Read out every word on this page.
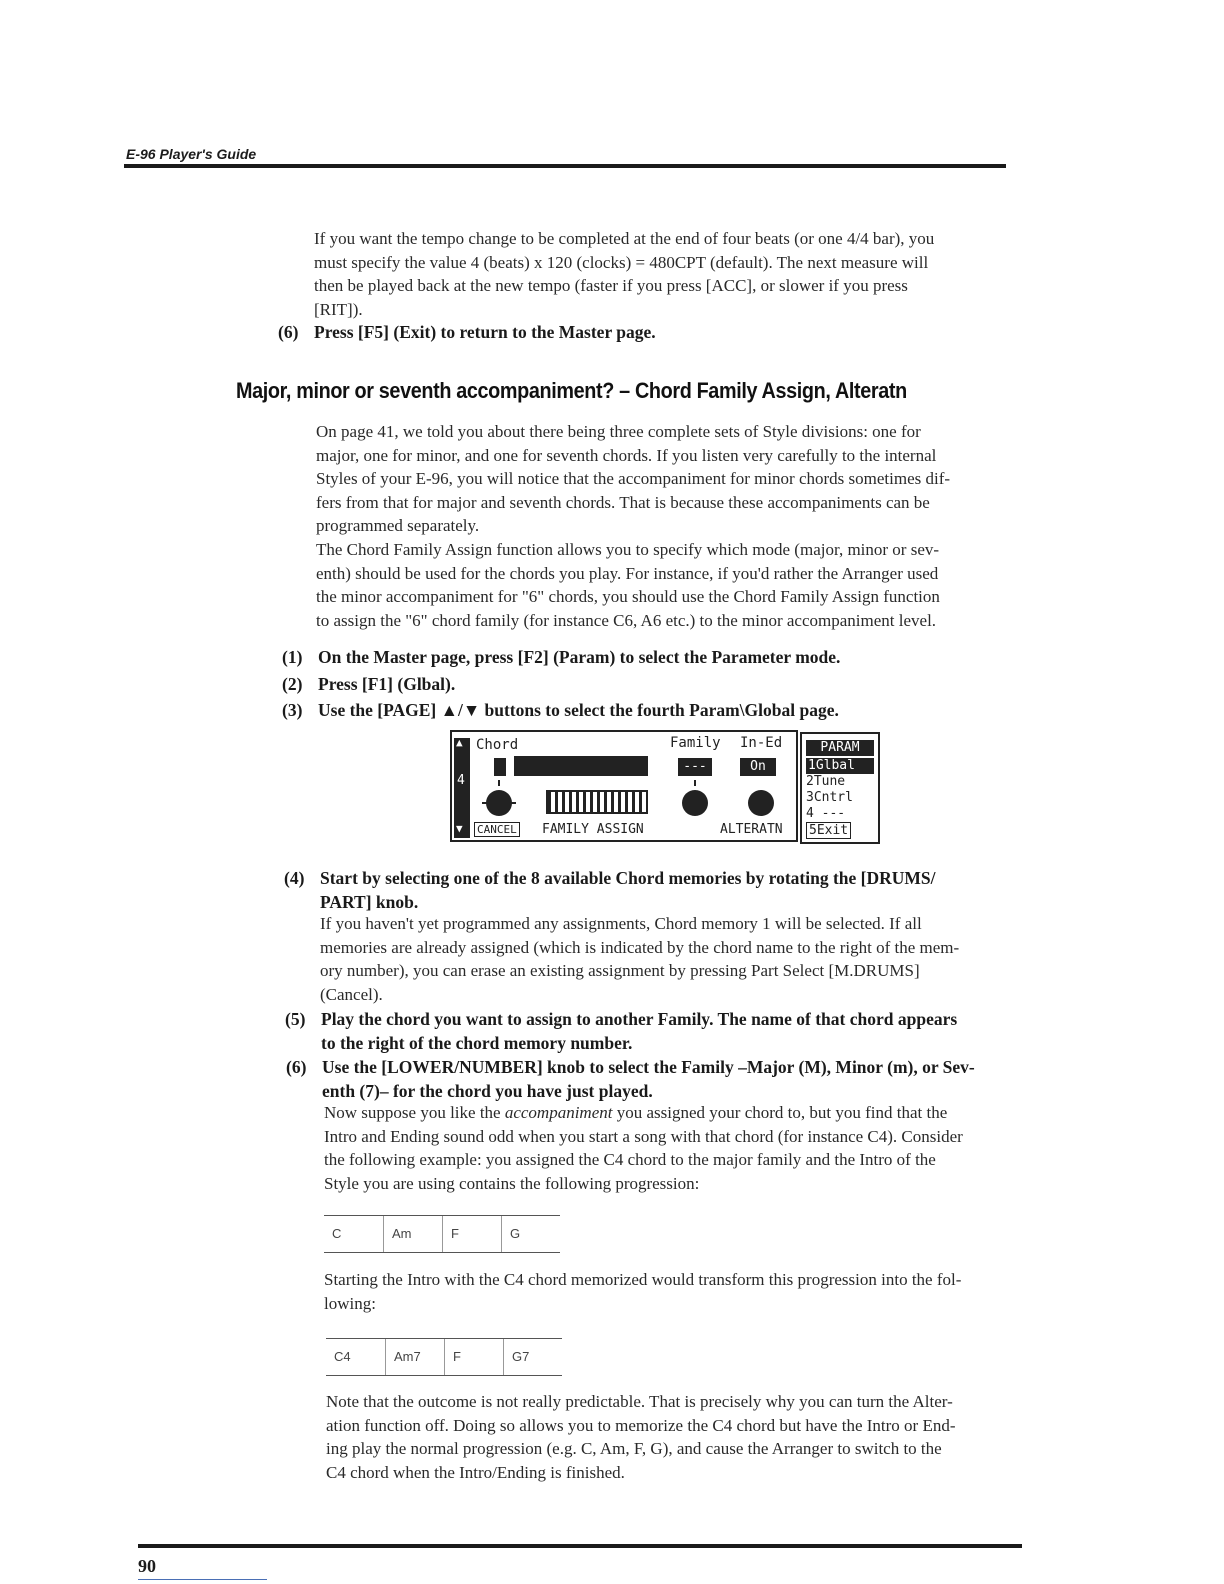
E-96 Player's Guide
If you want the tempo change to be completed at the end of four beats (or one 4/4 bar), you
must specify the value 4 (beats) x 120 (clocks) = 480CPT (default). The next measure will
then be played back at the new tempo (faster if you press [ACC], or slower if you press
[RIT]).
(6) Press [F5] (Exit) to return to the Master page.
Major, minor or seventh accompaniment? – Chord Family Assign, Alteratn
On page 41, we told you about there being three complete sets of Style divisions: one for
major, one for minor, and one for seventh chords. If you listen very carefully to the internal
Styles of your E-96, you will notice that the accompaniment for minor chords sometimes dif-
fers from that for major and seventh chords. That is because these accompaniments can be
programmed separately.
The Chord Family Assign function allows you to specify which mode (major, minor or sev-
enth) should be used for the chords you play. For instance, if you'd rather the Arranger used
the minor accompaniment for "6" chords, you should use the Chord Family Assign function
to assign the "6" chord family (for instance C6, A6 etc.) to the minor accompaniment level.
(1) On the Master page, press [F2] (Param) to select the Parameter mode.
(2) Press [F1] (Glbal).
(3) Use the [PAGE] ▲/▼ buttons to select the fourth Param\Global page.
▲
4
▼
Chord	Family In-Ed
---	On
CANCEL FAMILY ASSIGN	ALTERATN
PARAM
1Glbal
2Tune
3Cntrl
4 ---
5Exit
(4) Start by selecting one of the 8 available Chord memories by rotating the [DRUMS/
PART] knob.
If you haven't yet programmed any assignments, Chord memory 1 will be selected. If all
memories are already assigned (which is indicated by the chord name to the right of the mem-
ory number), you can erase an existing assignment by pressing Part Select [M.DRUMS]
(Cancel).
(5) Play the chord you want to assign to another Family. The name of that chord appears
to the right of the chord memory number.
(6) Use the [LOWER/NUMBER] knob to select the Family –Major (M), Minor (m), or Sev-
enth (7)– for the chord you have just played.
Now suppose you like the accompaniment you assigned your chord to, but you find that the
Intro and Ending sound odd when you start a song with that chord (for instance C4). Consider
the following example: you assigned the C4 chord to the major family and the Intro of the
Style you are using contains the following progression:
C	Am	F	G
Starting the Intro with the C4 chord memorized would transform this progression into the fol-
lowing:
C4	Am7	F	G7
Note that the outcome is not really predictable. That is precisely why you can turn the Alter-
ation function off. Doing so allows you to memorize the C4 chord but have the Intro or End-
ing play the normal progression (e.g. C, Am, F, G), and cause the Arranger to switch to the
C4 chord when the Intro/Ending is finished.
90
